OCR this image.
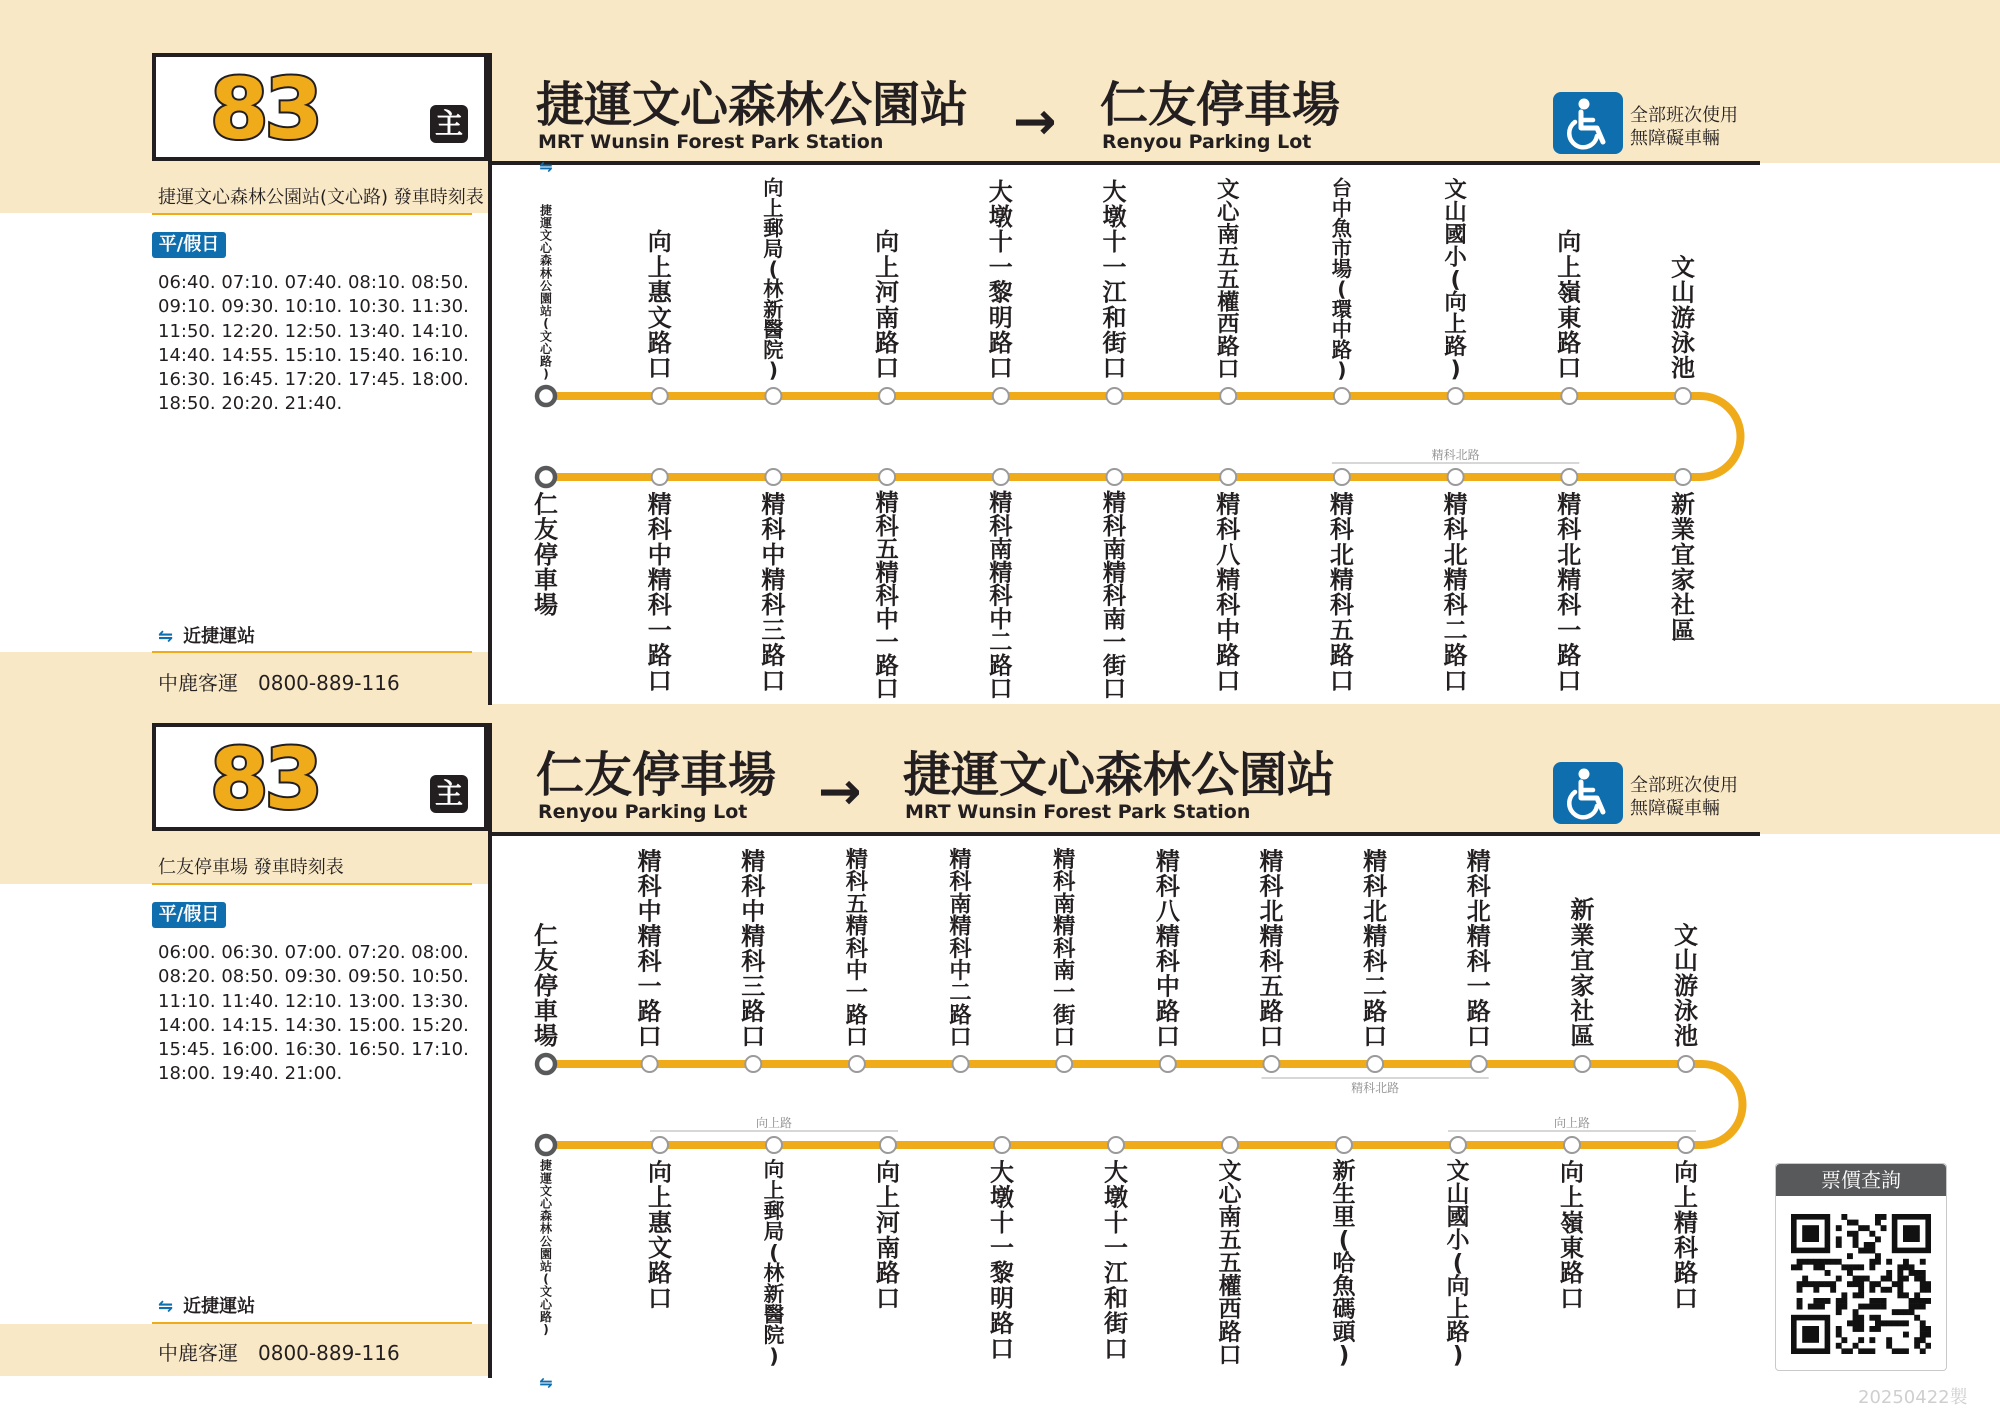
83	主 捷運文心森林公園站
MRT Wunsin Forest Park Station → 仁友停車場
Renyou Parking Lot
全部班次使用
無障礙車輛
捷運文心森林公園站(文心路) 發車時刻表
平/假日
06:40. 07:10. 07:40. 08:10. 08:50.
09:10. 09:30. 10:10. 10:30. 11:30.
11:50. 12:20. 12:50. 13:40. 14:10.
14:40. 14:55. 15:10. 15:40. 16:10.
16:30. 16:45. 17:20. 17:45. 18:00.
18:50. 20:20. 21:40.
⇋ 近捷運站
中鹿客運　0800-889-116
83	主 仁友停車場
Renyou Parking Lot → 捷運文心森林公園站
MRT Wunsin Forest Park Station
全部班次使用
無障礙車輛
仁友停車場 發車時刻表
平/假日
06:00. 06:30. 07:00. 07:20. 08:00.
08:20. 08:50. 09:30. 09:50. 10:50.
11:10. 11:40. 12:10. 13:00. 13:30.
14:00. 14:15. 14:30. 15:00. 15:20.
15:45. 16:00. 16:30. 16:50. 17:10.
18:00. 19:40. 21:00.
⇋ 近捷運站
中鹿客運　0800-889-116
⇋
精科北路
捷運文心森林公園站(文心路)
向上惠文路口
向上郵局(林新醫院)
向上河南路口
大墩十一黎明路口
大墩十一江和街口
文心南五五權西路口
台中魚市場(環中路)
文山國小(向上路)
向上嶺東路口
文山游泳池
仁友停車場
精科中精科一路口
精科中精科三路口
精科五精科中一路口
精科南精科中二路口
精科南精科南一街口
精科八精科中路口
精科北精科五路口
精科北精科二路口
精科北精科一路口
新業宜家社區
⇋
精科北路
向上路	向上路
仁友停車場
精科中精科一路口
精科中精科三路口
精科五精科中一路口
精科南精科中二路口
精科南精科南一街口
精科八精科中路口
精科北精科五路口
精科北精科二路口
精科北精科一路口
新業宜家社區
文山游泳池
捷運文心森林公園站(文心路)
向上惠文路口
向上郵局(林新醫院)
向上河南路口
大墩十一黎明路口
大墩十一江和街口
文心南五五權西路口
新生里(哈魚碼頭)
文山國小(向上路)
向上嶺東路口
向上精科路口
票價查詢
20250422製
